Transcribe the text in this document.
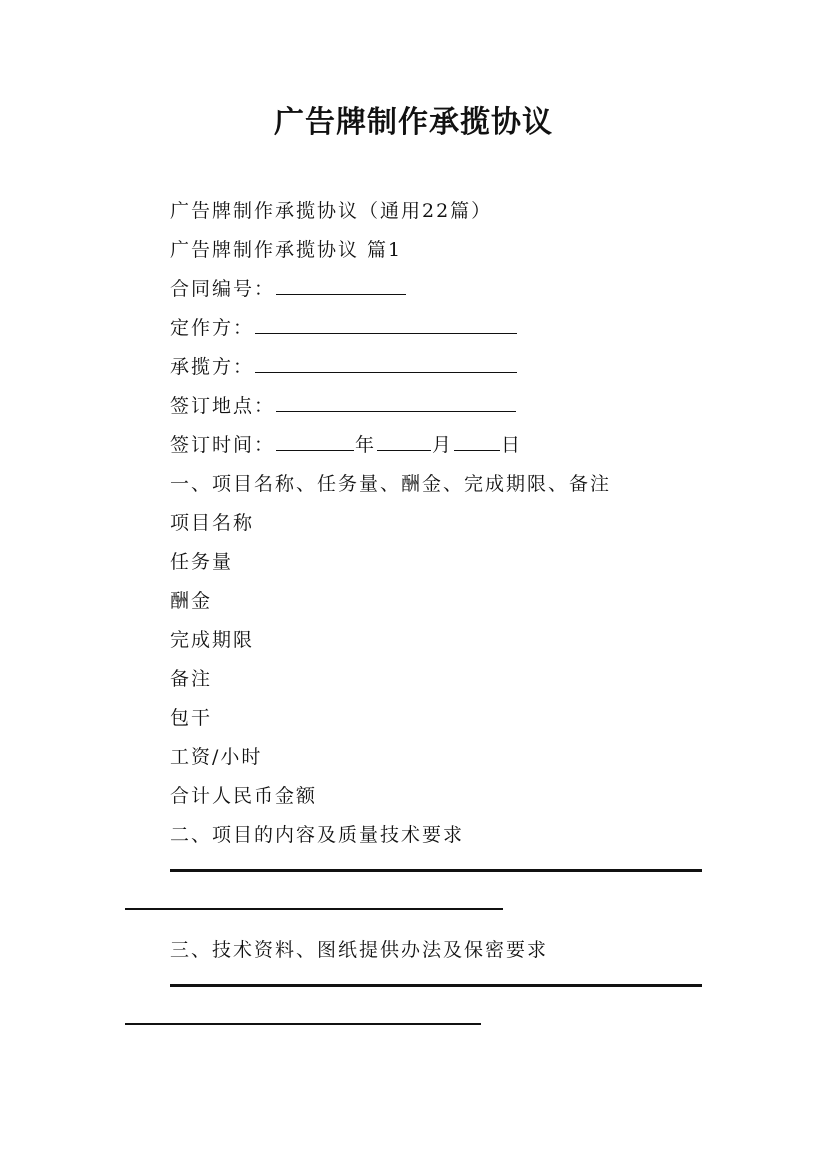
广告牌制作承揽协议
广告牌制作承揽协议（通用22篇）
广告牌制作承揽协议 篇1
合同编号：
定作方：
承揽方：
签订地点：
签订时间：	年	月	日
一、项目名称、任务量、酬金、完成期限、备注
项目名称
任务量
酬金
完成期限
备注
包干
工资/小时
合计人民币金额
二、项目的内容及质量技术要求
三、技术资料、图纸提供办法及保密要求
